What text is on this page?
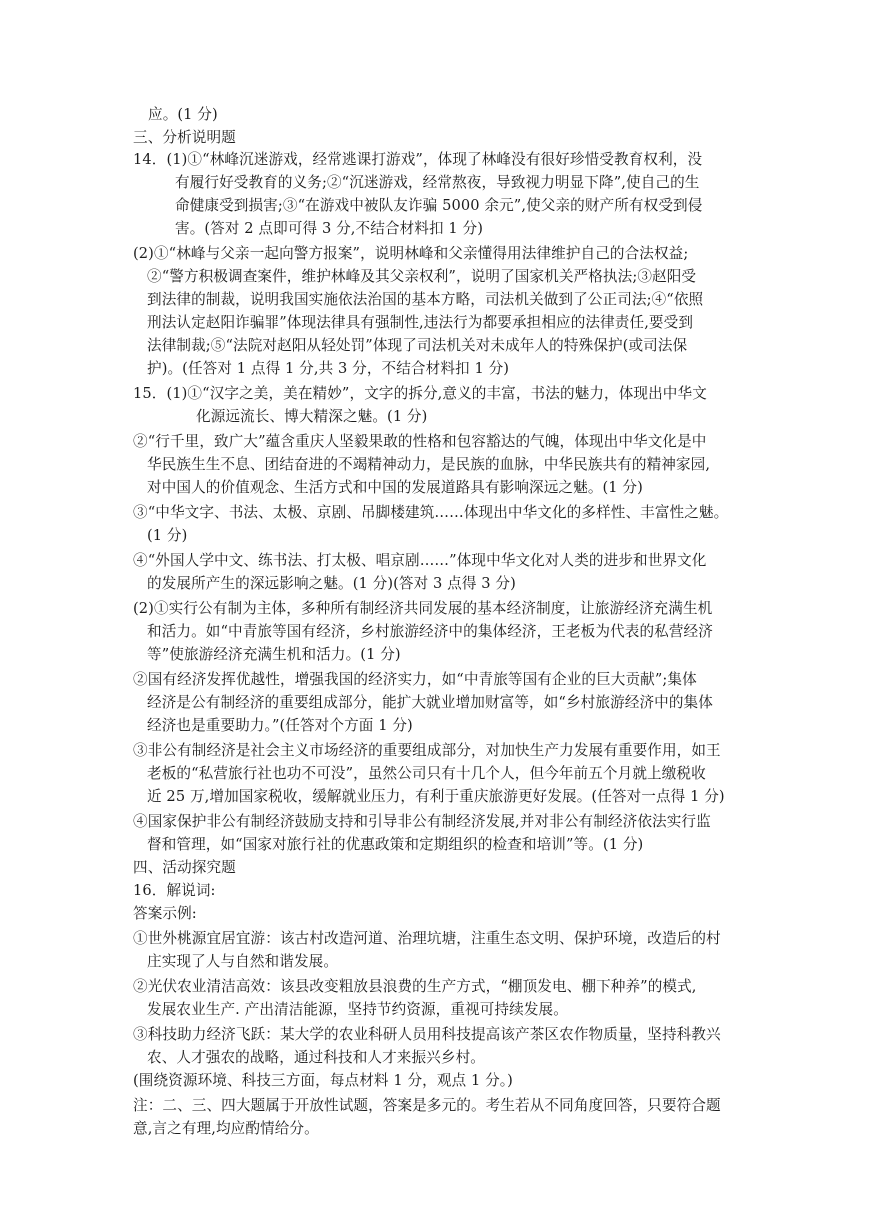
应。(1 分)
三、分析说明题
14．(1)①“林峰沉迷游戏，经常逃课打游戏”，体现了林峰没有很好珍惜受教育权利，没
有履行好受教育的义务;②“沉迷游戏，经常熬夜，导致视力明显下降”,使自己的生
命健康受到损害;③“在游戏中被队友诈骗 5000 余元”,使父亲的财产所有权受到侵
害。(答对 2 点即可得 3 分,不结合材料扣 1 分)
(2)①“林峰与父亲一起向警方报案”，说明林峰和父亲懂得用法律维护自己的合法权益;
②“警方积极调查案件，维护林峰及其父亲权利”，说明了国家机关严格执法;③赵阳受
到法律的制裁，说明我国实施依法治国的基本方略，司法机关做到了公正司法;④“依照
刑法认定赵阳诈骗罪”体现法律具有强制性,违法行为都要承担相应的法律责任,要受到
法律制裁;⑤“法院对赵阳从轻处罚”体现了司法机关对未成年人的特殊保护(或司法保
护)。(任答对 1 点得 1 分,共 3 分，不结合材料扣 1 分)
15．(1)①“汉字之美，美在精妙”，文字的拆分,意义的丰富，书法的魅力，体现出中华文
化源远流长、博大精深之魅。(1 分)
②“行千里，致广大”蕴含重庆人坚毅果敢的性格和包容豁达的气魄，体现出中华文化是中
华民族生生不息、团结奋进的不竭精神动力，是民族的血脉，中华民族共有的精神家园,
对中国人的价值观念、生活方式和中国的发展道路具有影响深远之魅。(1 分)
③“中华文字、书法、太极、京剧、吊脚楼建筑……体现出中华文化的多样性、丰富性之魅。
(1 分)
④“外国人学中文、练书法、打太极、唱京剧……”体现中华文化对人类的进步和世界文化
的发展所产生的深远影响之魅。(1 分)(答对 3 点得 3 分)
(2)①实行公有制为主体，多种所有制经济共同发展的基本经济制度，让旅游经济充满生机
和活力。如“中青旅等国有经济，乡村旅游经济中的集体经济，王老板为代表的私营经济
等”使旅游经济充满生机和活力。(1 分)
②国有经济发挥优越性，增强我国的经济实力，如“中青旅等国有企业的巨大贡献”;集体
经济是公有制经济的重要组成部分，能扩大就业增加财富等，如“乡村旅游经济中的集体
经济也是重要助力。”(任答对个方面 1 分)
③非公有制经济是社会主义市场经济的重要组成部分，对加快生产力发展有重要作用，如王
老板的“私营旅行社也功不可没”，虽然公司只有十几个人，但今年前五个月就上缴税收
近 25 万,增加国家税收，缓解就业压力，有利于重庆旅游更好发展。(任答对一点得 1 分)
④国家保护非公有制经济鼓励支持和引导非公有制经济发展,并对非公有制经济依法实行监
督和管理，如“国家对旅行社的优惠政策和定期组织的检查和培训”等。(1 分)
四、活动探究题
16．解说词:
答案示例:
①世外桃源宜居宜游：该古村改造河道、治理坑塘，注重生态文明、保护环境，改造后的村
庄实现了人与自然和谐发展。
②光伏农业清洁高效：该县改变粗放县浪费的生产方式，“棚顶发电、棚下种养”的模式,
发展农业生产. 产出清洁能源，坚持节约资源，重视可持续发展。
③科技助力经济飞跃：某大学的农业科研人员用科技提高该产茶区农作物质量，坚持科教兴
农、人才强农的战略，通过科技和人才来振兴乡村。
(围绕资源环境、科技三方面，每点材料 1 分，观点 1 分。)
注：二、三、四大题属于开放性试题，答案是多元的。考生若从不同角度回答，只要符合题
意,言之有理,均应酌情给分。
